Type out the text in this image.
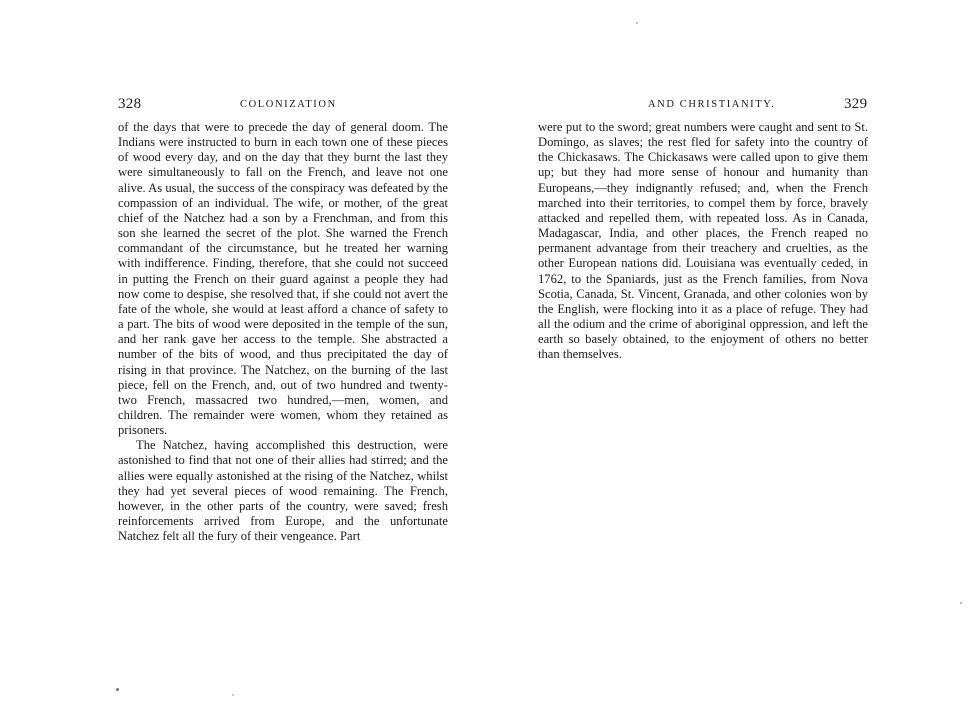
328	COLONIZATION

of the days that were to precede the day of general doom. The Indians were instructed to burn in each town one of these pieces of wood every day, and on the day that they burnt the last they were simultaneously to fall on the French, and leave not one alive. As usual, the success of the conspiracy was defeated by the compassion of an individual. The wife, or mother, of the great chief of the Natchez had a son by a Frenchman, and from this son she learned the secret of the plot. She warned the French commandant of the circumstance, but he treated her warning with indifference. Finding, therefore, that she could not succeed in putting the French on their guard against a people they had now come to despise, she resolved that, if she could not avert the fate of the whole, she would at least afford a chance of safety to a part. The bits of wood were deposited in the temple of the sun, and her rank gave her access to the temple. She abstracted a number of the bits of wood, and thus precipitated the day of rising in that province. The Natchez, on the burning of the last piece, fell on the French, and, out of two hundred and twenty-two French, massacred two hundred,—men, women, and children. The remainder were women, whom they retained as prisoners.

The Natchez, having accomplished this destruction, were astonished to find that not one of their allies had stirred; and the allies were equally astonished at the rising of the Natchez, whilst they had yet several pieces of wood remaining. The French, however, in the other parts of the country, were saved; fresh reinforcements arrived from Europe, and the unfortunate Natchez felt all the fury of their vengeance. Part

AND CHRISTIANITY.	329

were put to the sword; great numbers were caught and sent to St. Domingo, as slaves; the rest fled for safety into the country of the Chickasaws. The Chickasaws were called upon to give them up; but they had more sense of honour and humanity than Europeans,—they indignantly refused; and, when the French marched into their territories, to compel them by force, bravely attacked and repelled them, with repeated loss. As in Canada, Madagascar, India, and other places, the French reaped no permanent advantage from their treachery and cruelties, as the other European nations did. Louisiana was eventually ceded, in 1762, to the Spaniards, just as the French families, from Nova Scotia, Canada, St. Vincent, Granada, and other colonies won by the English, were flocking into it as a place of refuge. They had all the odium and the crime of aboriginal oppression, and left the earth so basely obtained, to the enjoyment of others no better than themselves.
